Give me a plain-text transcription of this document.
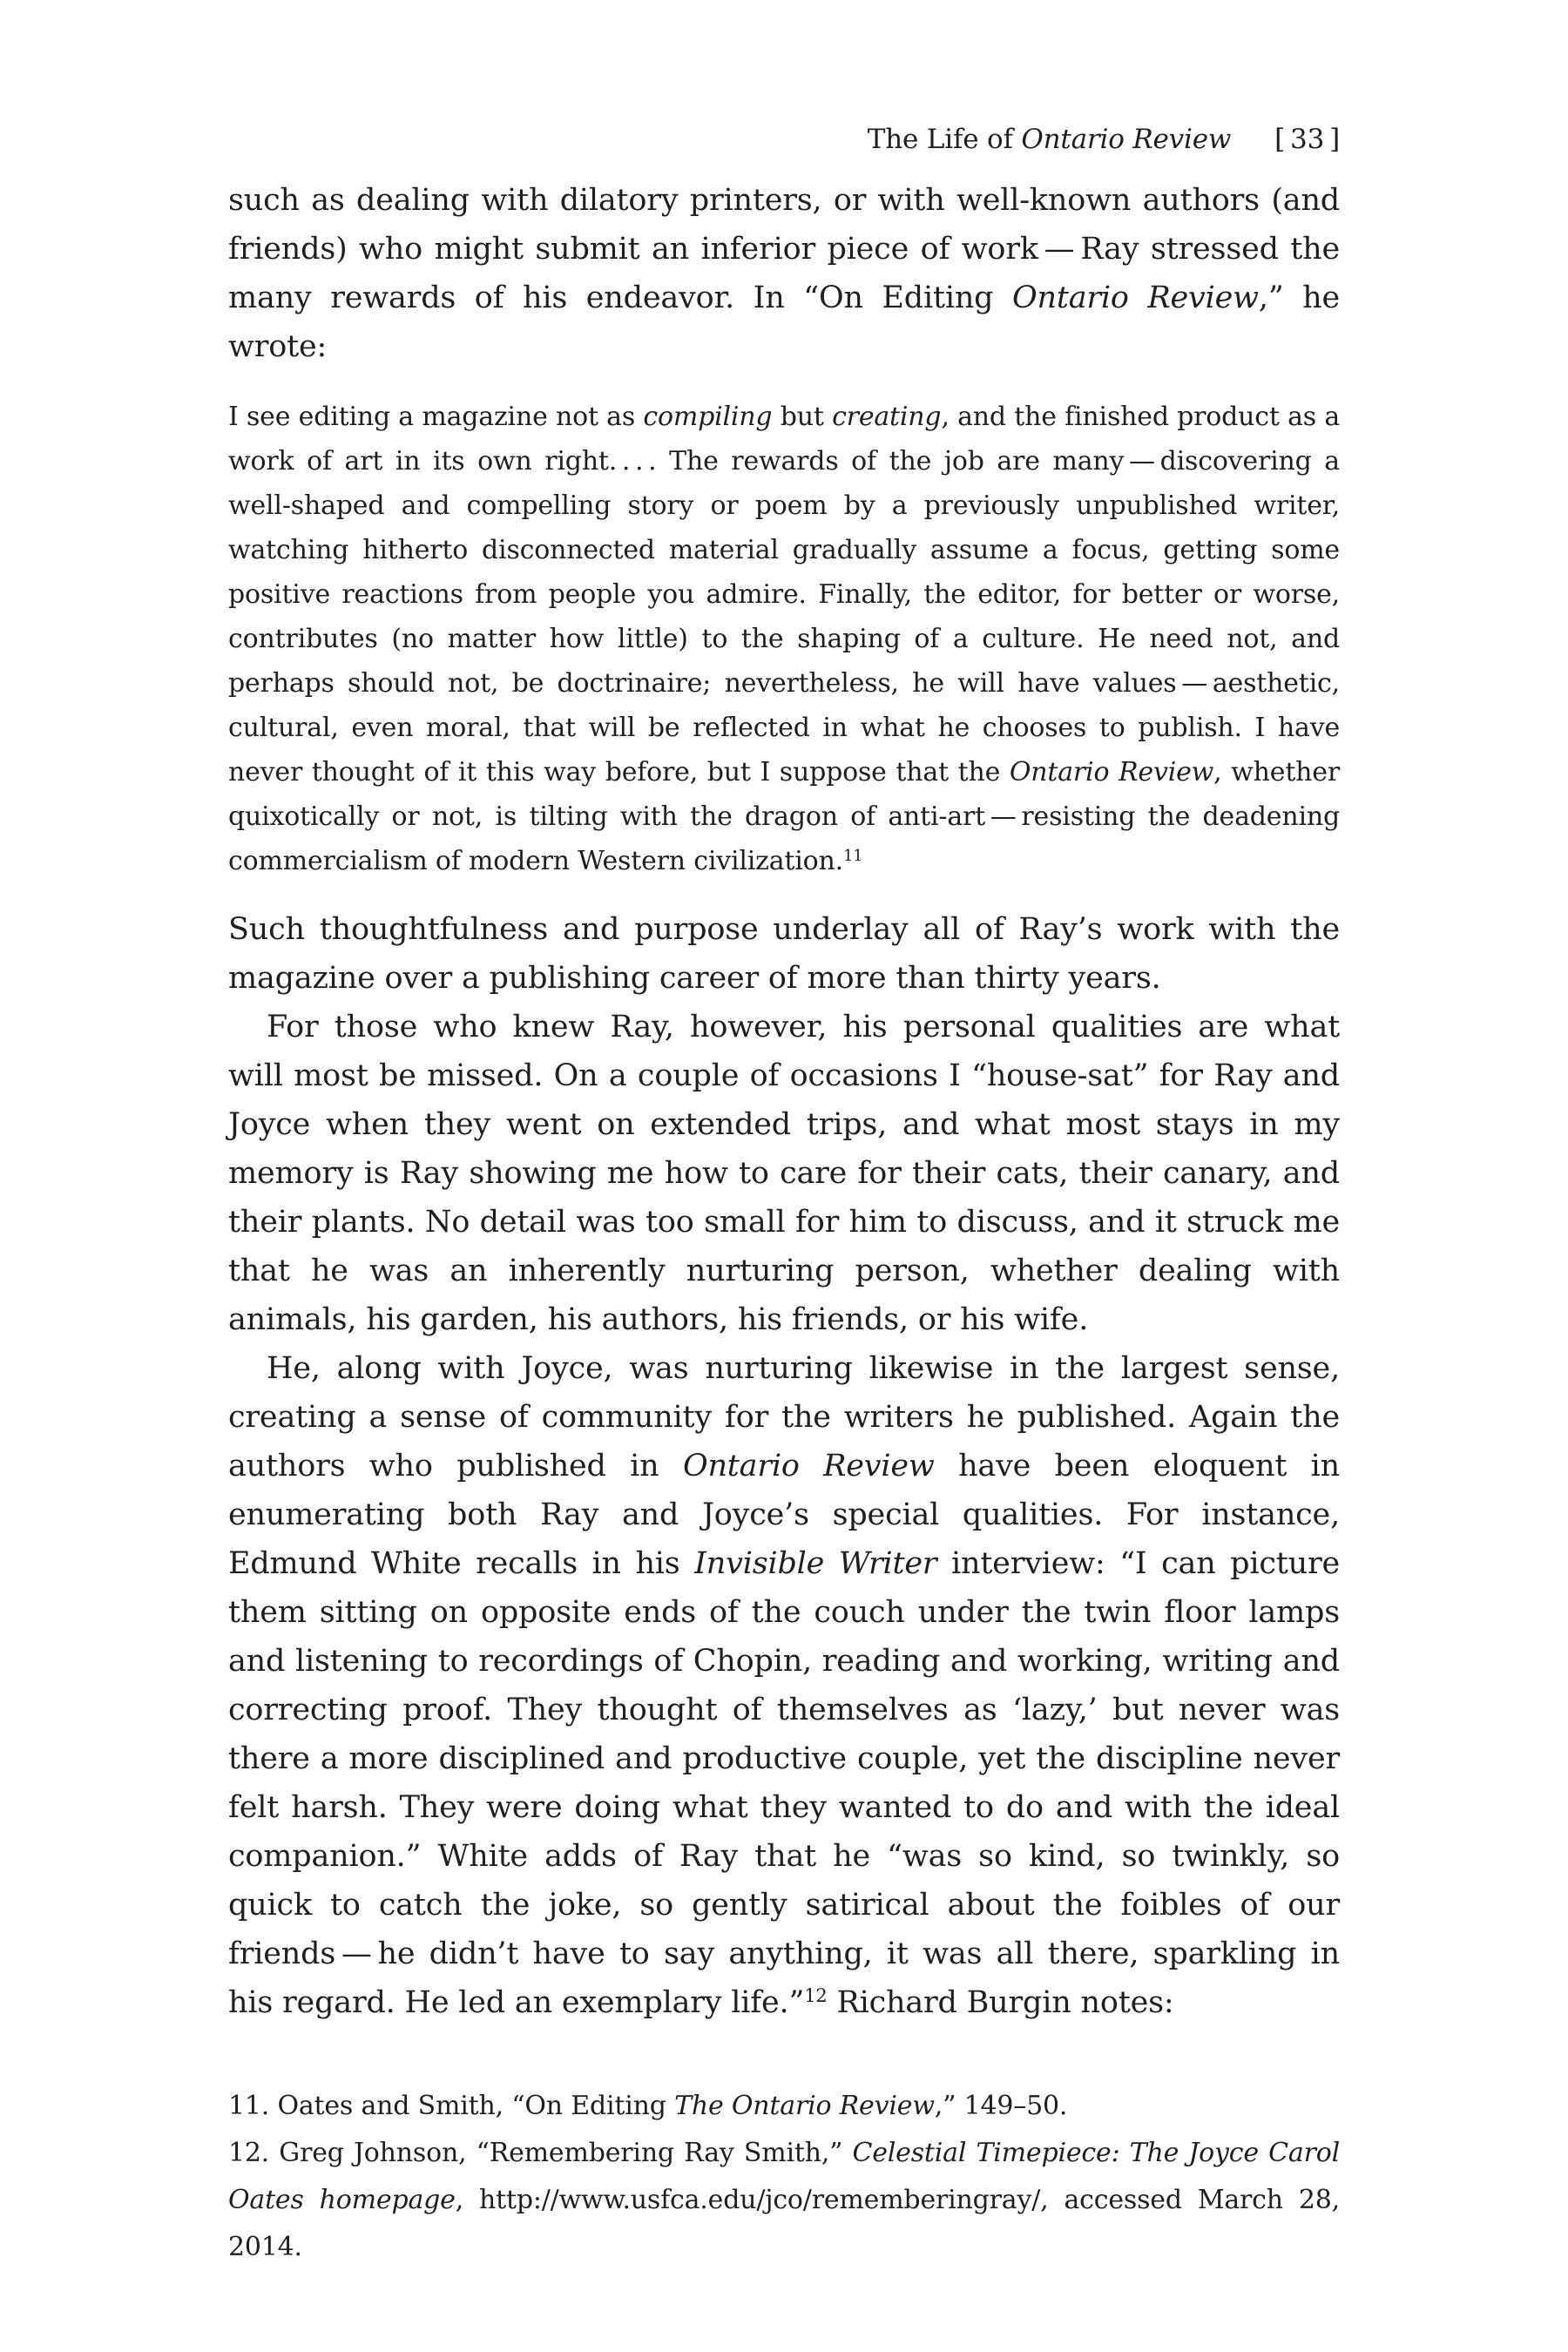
The Life of Ontario Review [ 33 ]

such as dealing with dilatory printers, or with well-known authors (and friends) who might submit an inferior piece of work — Ray stressed the many rewards of his endeavor. In “On Editing Ontario Review,” he wrote:

I see editing a magazine not as compiling but creating, and the finished product as a work of art in its own right. . . . The rewards of the job are many — discovering a well-shaped and compelling story or poem by a previously unpublished writer, watching hitherto disconnected material gradually assume a focus, getting some positive reactions from people you admire. Finally, the editor, for better or worse, contributes (no matter how little) to the shaping of a culture. He need not, and perhaps should not, be doctrinaire; nevertheless, he will have values — aesthetic, cultural, even moral, that will be reflected in what he chooses to publish. I have never thought of it this way before, but I suppose that the Ontario Review, whether quixotically or not, is tilting with the dragon of anti-art — resisting the deadening commercialism of modern Western civilization.$^{11}$

Such thoughtfulness and purpose underlay all of Ray’s work with the magazine over a publishing career of more than thirty years.

For those who knew Ray, however, his personal qualities are what will most be missed. On a couple of occasions I “house-sat” for Ray and Joyce when they went on extended trips, and what most stays in my memory is Ray showing me how to care for their cats, their canary, and their plants. No detail was too small for him to discuss, and it struck me that he was an inherently nurturing person, whether dealing with animals, his garden, his authors, his friends, or his wife.

He, along with Joyce, was nurturing likewise in the largest sense, creating a sense of community for the writers he published. Again the authors who published in Ontario Review have been eloquent in enumerating both Ray and Joyce’s special qualities. For instance, Edmund White recalls in his Invisible Writer interview: “I can picture them sitting on opposite ends of the couch under the twin floor lamps and listening to recordings of Chopin, reading and working, writing and correcting proof. They thought of themselves as ‘lazy,’ but never was there a more disciplined and productive couple, yet the discipline never felt harsh. They were doing what they wanted to do and with the ideal companion.” White adds of Ray that he “was so kind, so twinkly, so quick to catch the joke, so gently satirical about the foibles of our friends — he didn’t have to say anything, it was all there, sparkling in his regard. He led an exemplary life.”$^{12}$ Richard Burgin notes:

11. Oates and Smith, “On Editing The Ontario Review,” 149–50.

12. Greg Johnson, “Remembering Ray Smith,” Celestial Timepiece: The Joyce Carol Oates homepage, http://www.usfca.edu/jco/rememberingray/, accessed March 28, 2014.
